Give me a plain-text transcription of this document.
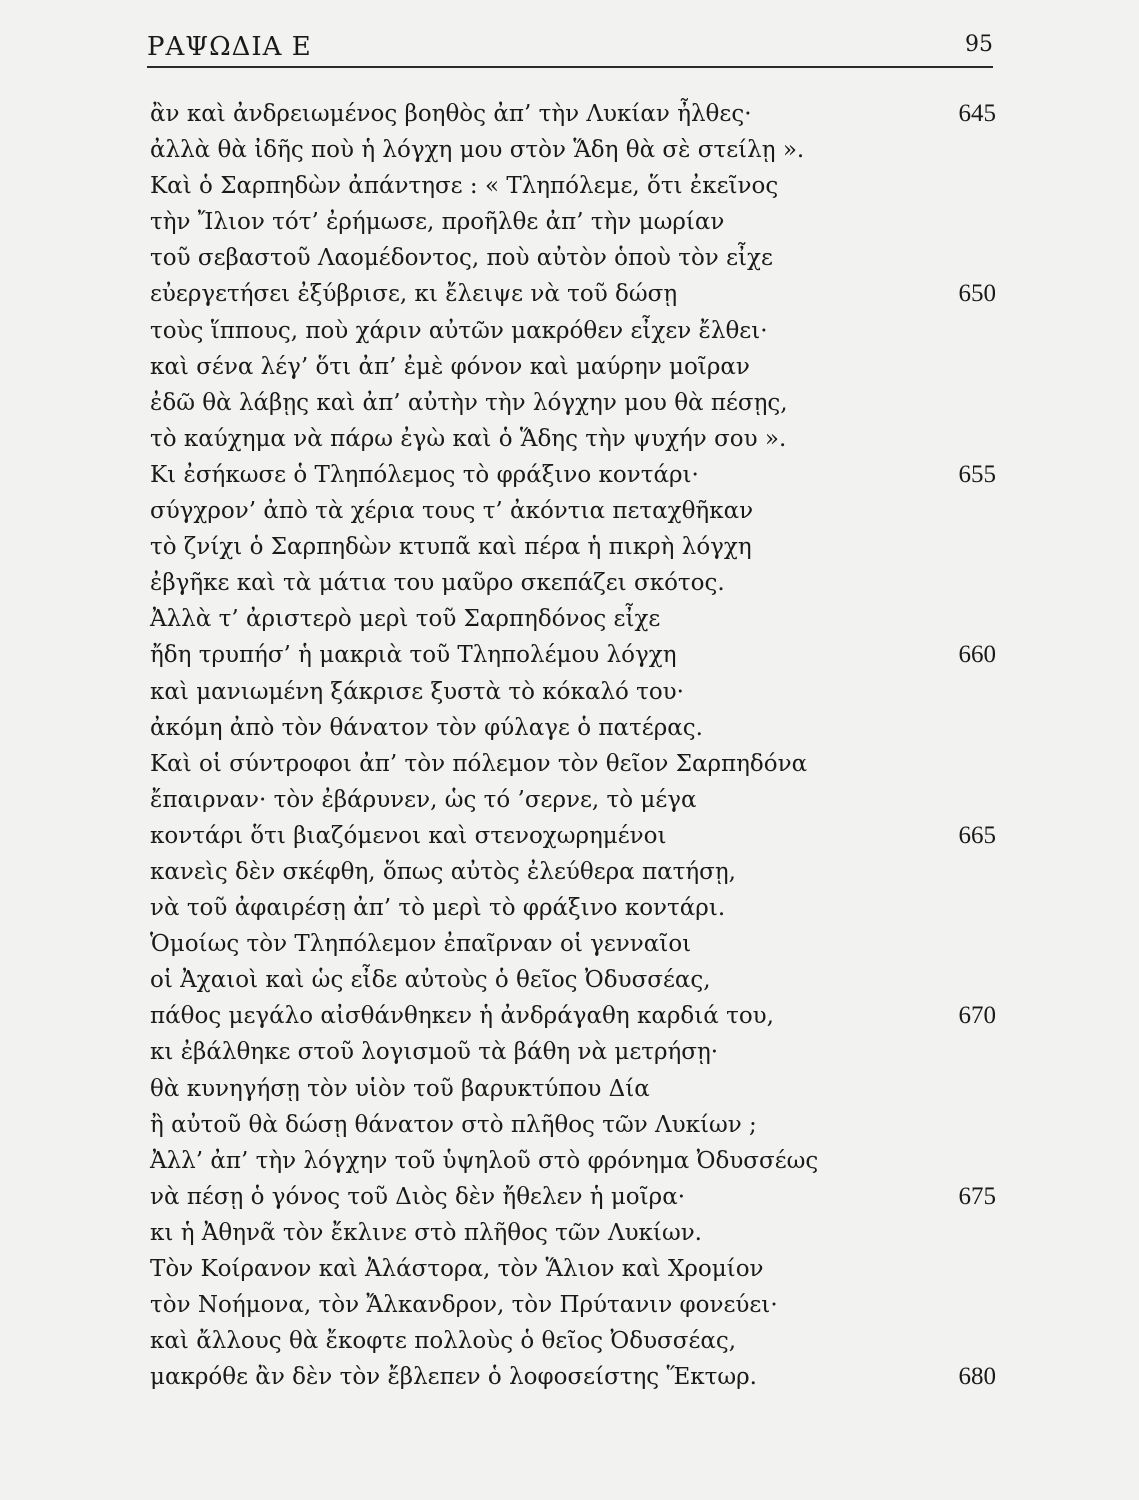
ΡΑΨΩΔΙΑ Ε	95
ἂν καὶ ἀνδρειωμένος βοηθὸς ἀπ’ τὴν Λυκίαν ἦλθες·	645
ἀλλὰ θὰ ἰδῆς ποὺ ἡ λόγχη μου στὸν Ἅδη θὰ σὲ στείλῃ ».
Καὶ ὁ Σαρπηδὼν ἀπάντησε : « Τληπόλεμε, ὅτι ἐκεῖνος
τὴν Ἴλιον τότ’ ἐρήμωσε, προῆλθε ἀπ’ τὴν μωρίαν
τοῦ σεβαστοῦ Λαομέδοντος, ποὺ αὐτὸν ὁποὺ τὸν εἶχε
εὐεργετήσει ἐξύβρισε, κι ἔλειψε νὰ τοῦ δώσῃ	650
τοὺς ἵππους, ποὺ χάριν αὐτῶν μακρόθεν εἶχεν ἔλθει·
καὶ σένα λέγ’ ὅτι ἀπ’ ἐμὲ φόνον καὶ μαύρην μοῖραν
ἐδῶ θὰ λάβῃς καὶ ἀπ’ αὐτὴν τὴν λόγχην μου θὰ πέσῃς,
τὸ καύχημα νὰ πάρω ἐγὼ καὶ ὁ Ἅδης τὴν ψυχήν σου ».
Κι ἐσήκωσε ὁ Τληπόλεμος τὸ φράξινο κοντάρι·	655
σύγχρον’ ἀπὸ τὰ χέρια τους τ’ ἀκόντια πεταχθῆκαν
τὸ ζνίχι ὁ Σαρπηδὼν κτυπᾶ καὶ πέρα ἡ πικρὴ λόγχη
ἐβγῆκε καὶ τὰ μάτια του μαῦρο σκεπάζει σκότος.
Ἀλλὰ τ’ ἀριστερὸ μερὶ τοῦ Σαρπηδόνος εἶχε
ἤδη τρυπήσ’ ἡ μακριὰ τοῦ Τληπολέμου λόγχη	660
καὶ μανιωμένη ξάκρισε ξυστὰ τὸ κόκαλό του·
ἀκόμη ἀπὸ τὸν θάνατον τὸν φύλαγε ὁ πατέρας.
Καὶ οἱ σύντροφοι ἀπ’ τὸν πόλεμον τὸν θεῖον Σαρπηδόνα
ἔπαιρναν· τὸν ἐβάρυνεν, ὡς τό ’σερνε, τὸ μέγα
κοντάρι ὅτι βιαζόμενοι καὶ στενοχωρημένοι	665
κανεὶς δὲν σκέφθη, ὅπως αὐτὸς ἐλεύθερα πατήσῃ,
νὰ τοῦ ἀφαιρέσῃ ἀπ’ τὸ μερὶ τὸ φράξινο κοντάρι.
Ὁμοίως τὸν Τληπόλεμον ἐπαῖρναν οἱ γενναῖοι
οἱ Ἀχαιοὶ καὶ ὡς εἶδε αὐτοὺς ὁ θεῖος Ὀδυσσέας,
πάθος μεγάλο αἰσθάνθηκεν ἡ ἀνδράγαθη καρδιά του,	670
κι ἐβάλθηκε στοῦ λογισμοῦ τὰ βάθη νὰ μετρήσῃ·
θὰ κυνηγήσῃ τὸν υἱὸν τοῦ βαρυκτύπου Δία
ἢ αὐτοῦ θὰ δώσῃ θάνατον στὸ πλῆθος τῶν Λυκίων ;
Ἀλλ’ ἀπ’ τὴν λόγχην τοῦ ὑψηλοῦ στὸ φρόνημα Ὀδυσσέως
νὰ πέσῃ ὁ γόνος τοῦ Διὸς δὲν ἤθελεν ἡ μοῖρα·	675
κι ἡ Ἀθηνᾶ τὸν ἔκλινε στὸ πλῆθος τῶν Λυκίων.
Τὸν Κοίρανον καὶ Ἀλάστορα, τὸν Ἅλιον καὶ Χρομίον
τὸν Νοήμονα, τὸν Ἄλκανδρον, τὸν Πρύτανιν φονεύει·
καὶ ἄλλους θὰ ἔκοφτε πολλοὺς ὁ θεῖος Ὀδυσσέας,
μακρόθε ἂν δὲν τὸν ἔβλεπεν ὁ λοφοσείστης Ἕκτωρ.	680
